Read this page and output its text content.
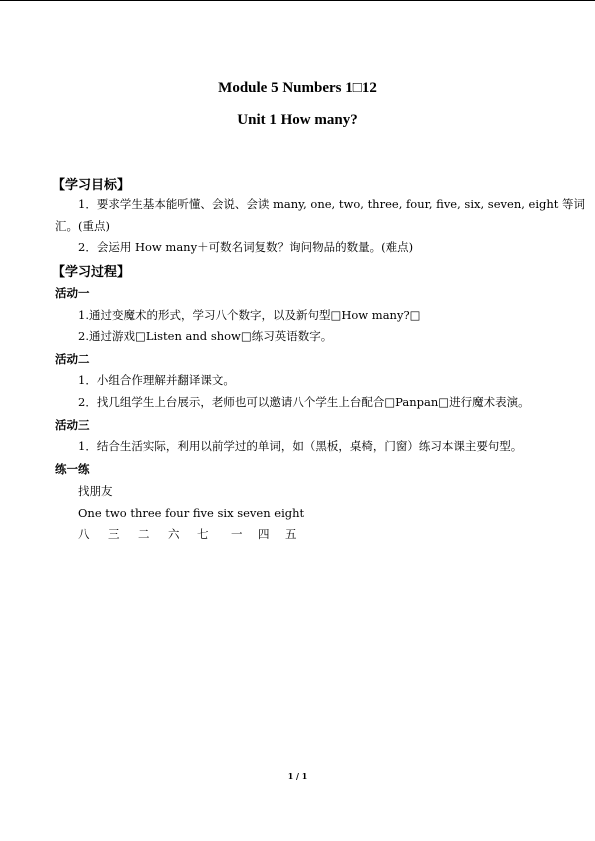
Module 5 Numbers 1□12
Unit 1 How many?
【学习目标】
1．要求学生基本能听懂、会说、会读 many, one, two, three, four, five, six, seven, eight 等词
汇。(重点)
2．会运用 How many＋可数名词复数？询问物品的数量。(难点)
【学习过程】
活动一
1.通过变魔术的形式，学习八个数字，以及新句型□How many?□
2.通过游戏□Listen and show□练习英语数字。
活动二
1．小组合作理解并翻译课文。
2．找几组学生上台展示，老师也可以邀请八个学生上台配合□Panpan□进行魔术表演。
活动三
1．结合生活实际，利用以前学过的单词，如（黑板，桌椅，门窗）练习本课主要句型。
练一练
找朋友
One two three four five six seven eight
八	三	二	六	七	一	四	五
1 / 1
